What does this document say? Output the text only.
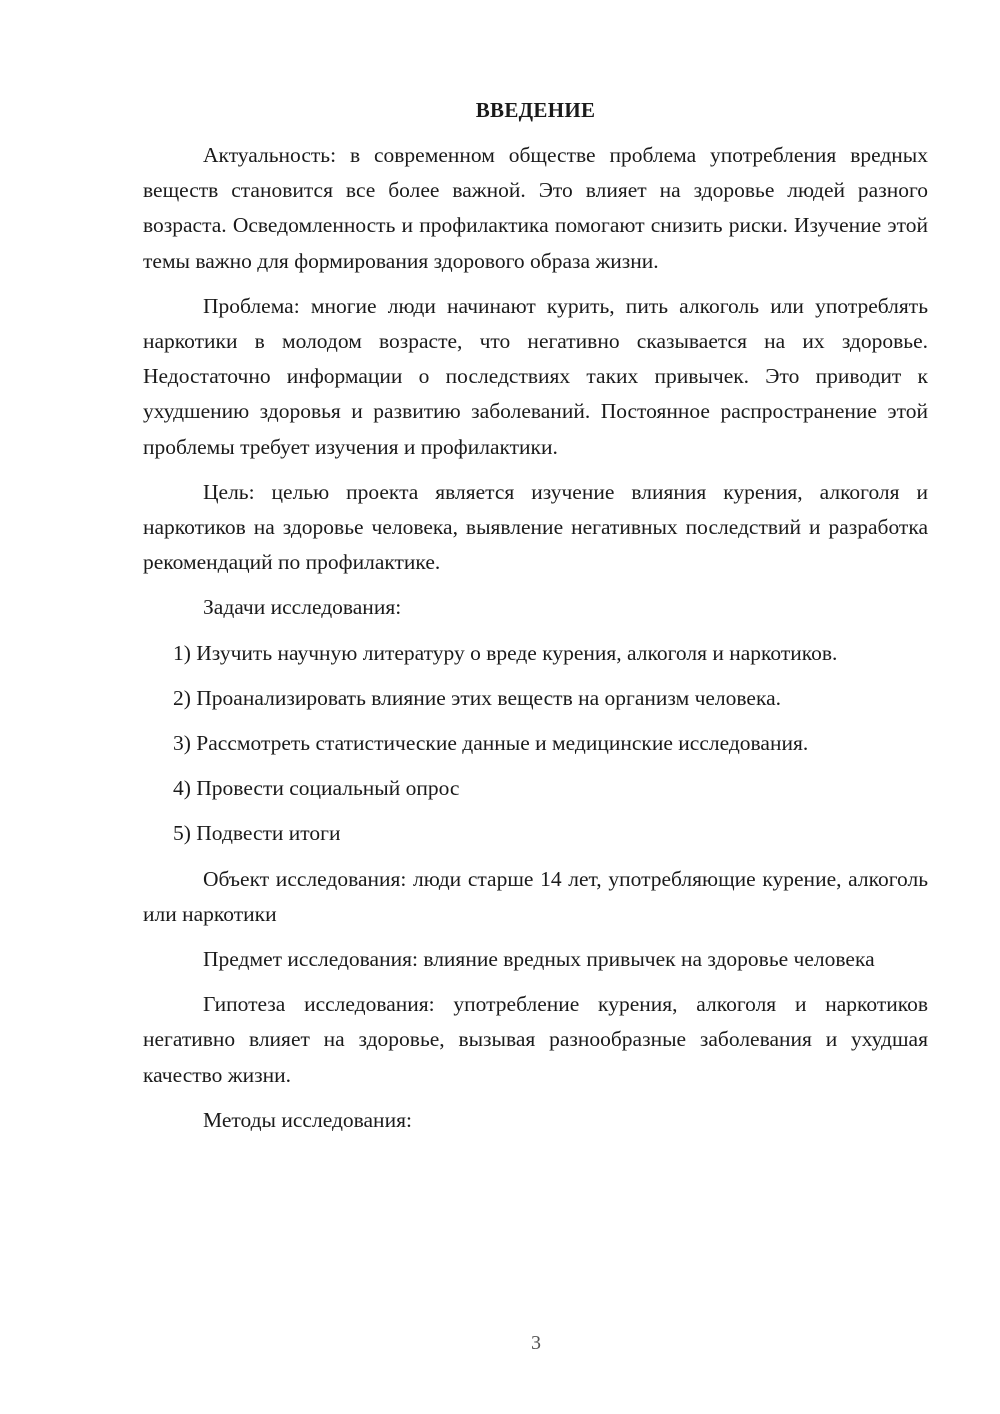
ВВЕДЕНИЕ

Актуальность: в современном обществе проблема употребления вредных веществ становится все более важной. Это влияет на здоровье людей разного возраста. Осведомленность и профилактика помогают снизить риски. Изучение этой темы важно для формирования здорового образа жизни.

Проблема: многие люди начинают курить, пить алкоголь или употреблять наркотики в молодом возрасте, что негативно сказывается на их здоровье. Недостаточно информации о последствиях таких привычек. Это приводит к ухудшению здоровья и развитию заболеваний. Постоянное распространение этой проблемы требует изучения и профилактики.

Цель: целью проекта является изучение влияния курения, алкоголя и наркотиков на здоровье человека, выявление негативных последствий и разработка рекомендаций по профилактике.

Задачи исследования:

1) Изучить научную литературу о вреде курения, алкоголя и наркотиков.

2) Проанализировать влияние этих веществ на организм человека.

3) Рассмотреть статистические данные и медицинские исследования.

4) Провести социальный опрос

5) Подвести итоги

Объект исследования: люди старше 14 лет, употребляющие курение, алкоголь или наркотики

Предмет исследования: влияние вредных привычек на здоровье человека

Гипотеза исследования: употребление курения, алкоголя и наркотиков негативно влияет на здоровье, вызывая разнообразные заболевания и ухудшая качество жизни.

Методы исследования:

3
